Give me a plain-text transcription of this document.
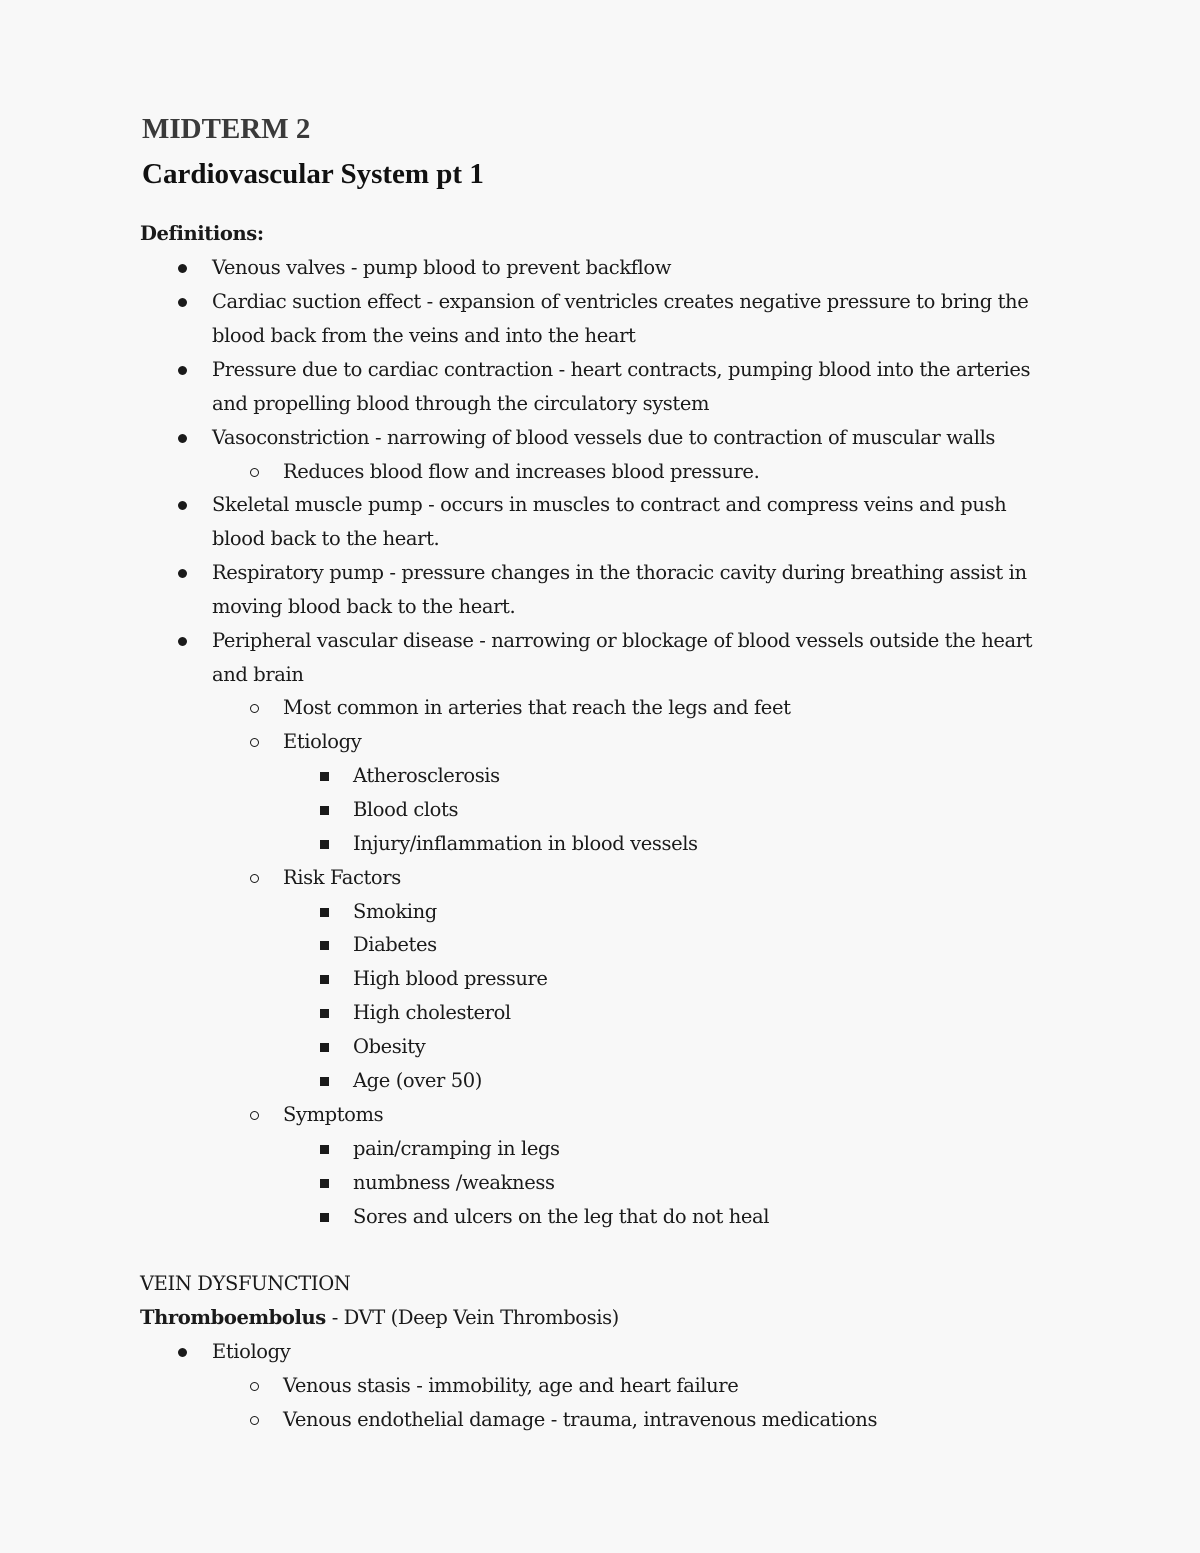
MIDTERM 2
Cardiovascular System pt 1
Definitions:
Venous valves - pump blood to prevent backflow
Cardiac suction effect - expansion of ventricles creates negative pressure to bring the
blood back from the veins and into the heart
Pressure due to cardiac contraction - heart contracts, pumping blood into the arteries
and propelling blood through the circulatory system
Vasoconstriction - narrowing of blood vessels due to contraction of muscular walls
Reduces blood flow and increases blood pressure.
Skeletal muscle pump - occurs in muscles to contract and compress veins and push
blood back to the heart.
Respiratory pump - pressure changes in the thoracic cavity during breathing assist in
moving blood back to the heart.
Peripheral vascular disease - narrowing or blockage of blood vessels outside the heart
and brain
Most common in arteries that reach the legs and feet
Etiology
Atherosclerosis
Blood clots
Injury/inflammation in blood vessels
Risk Factors
Smoking
Diabetes
High blood pressure
High cholesterol
Obesity
Age (over 50)
Symptoms
pain/cramping in legs
numbness /weakness
Sores and ulcers on the leg that do not heal
VEIN DYSFUNCTION
Thromboembolus - DVT (Deep Vein Thrombosis)
Etiology
Venous stasis - immobility, age and heart failure
Venous endothelial damage - trauma, intravenous medications
